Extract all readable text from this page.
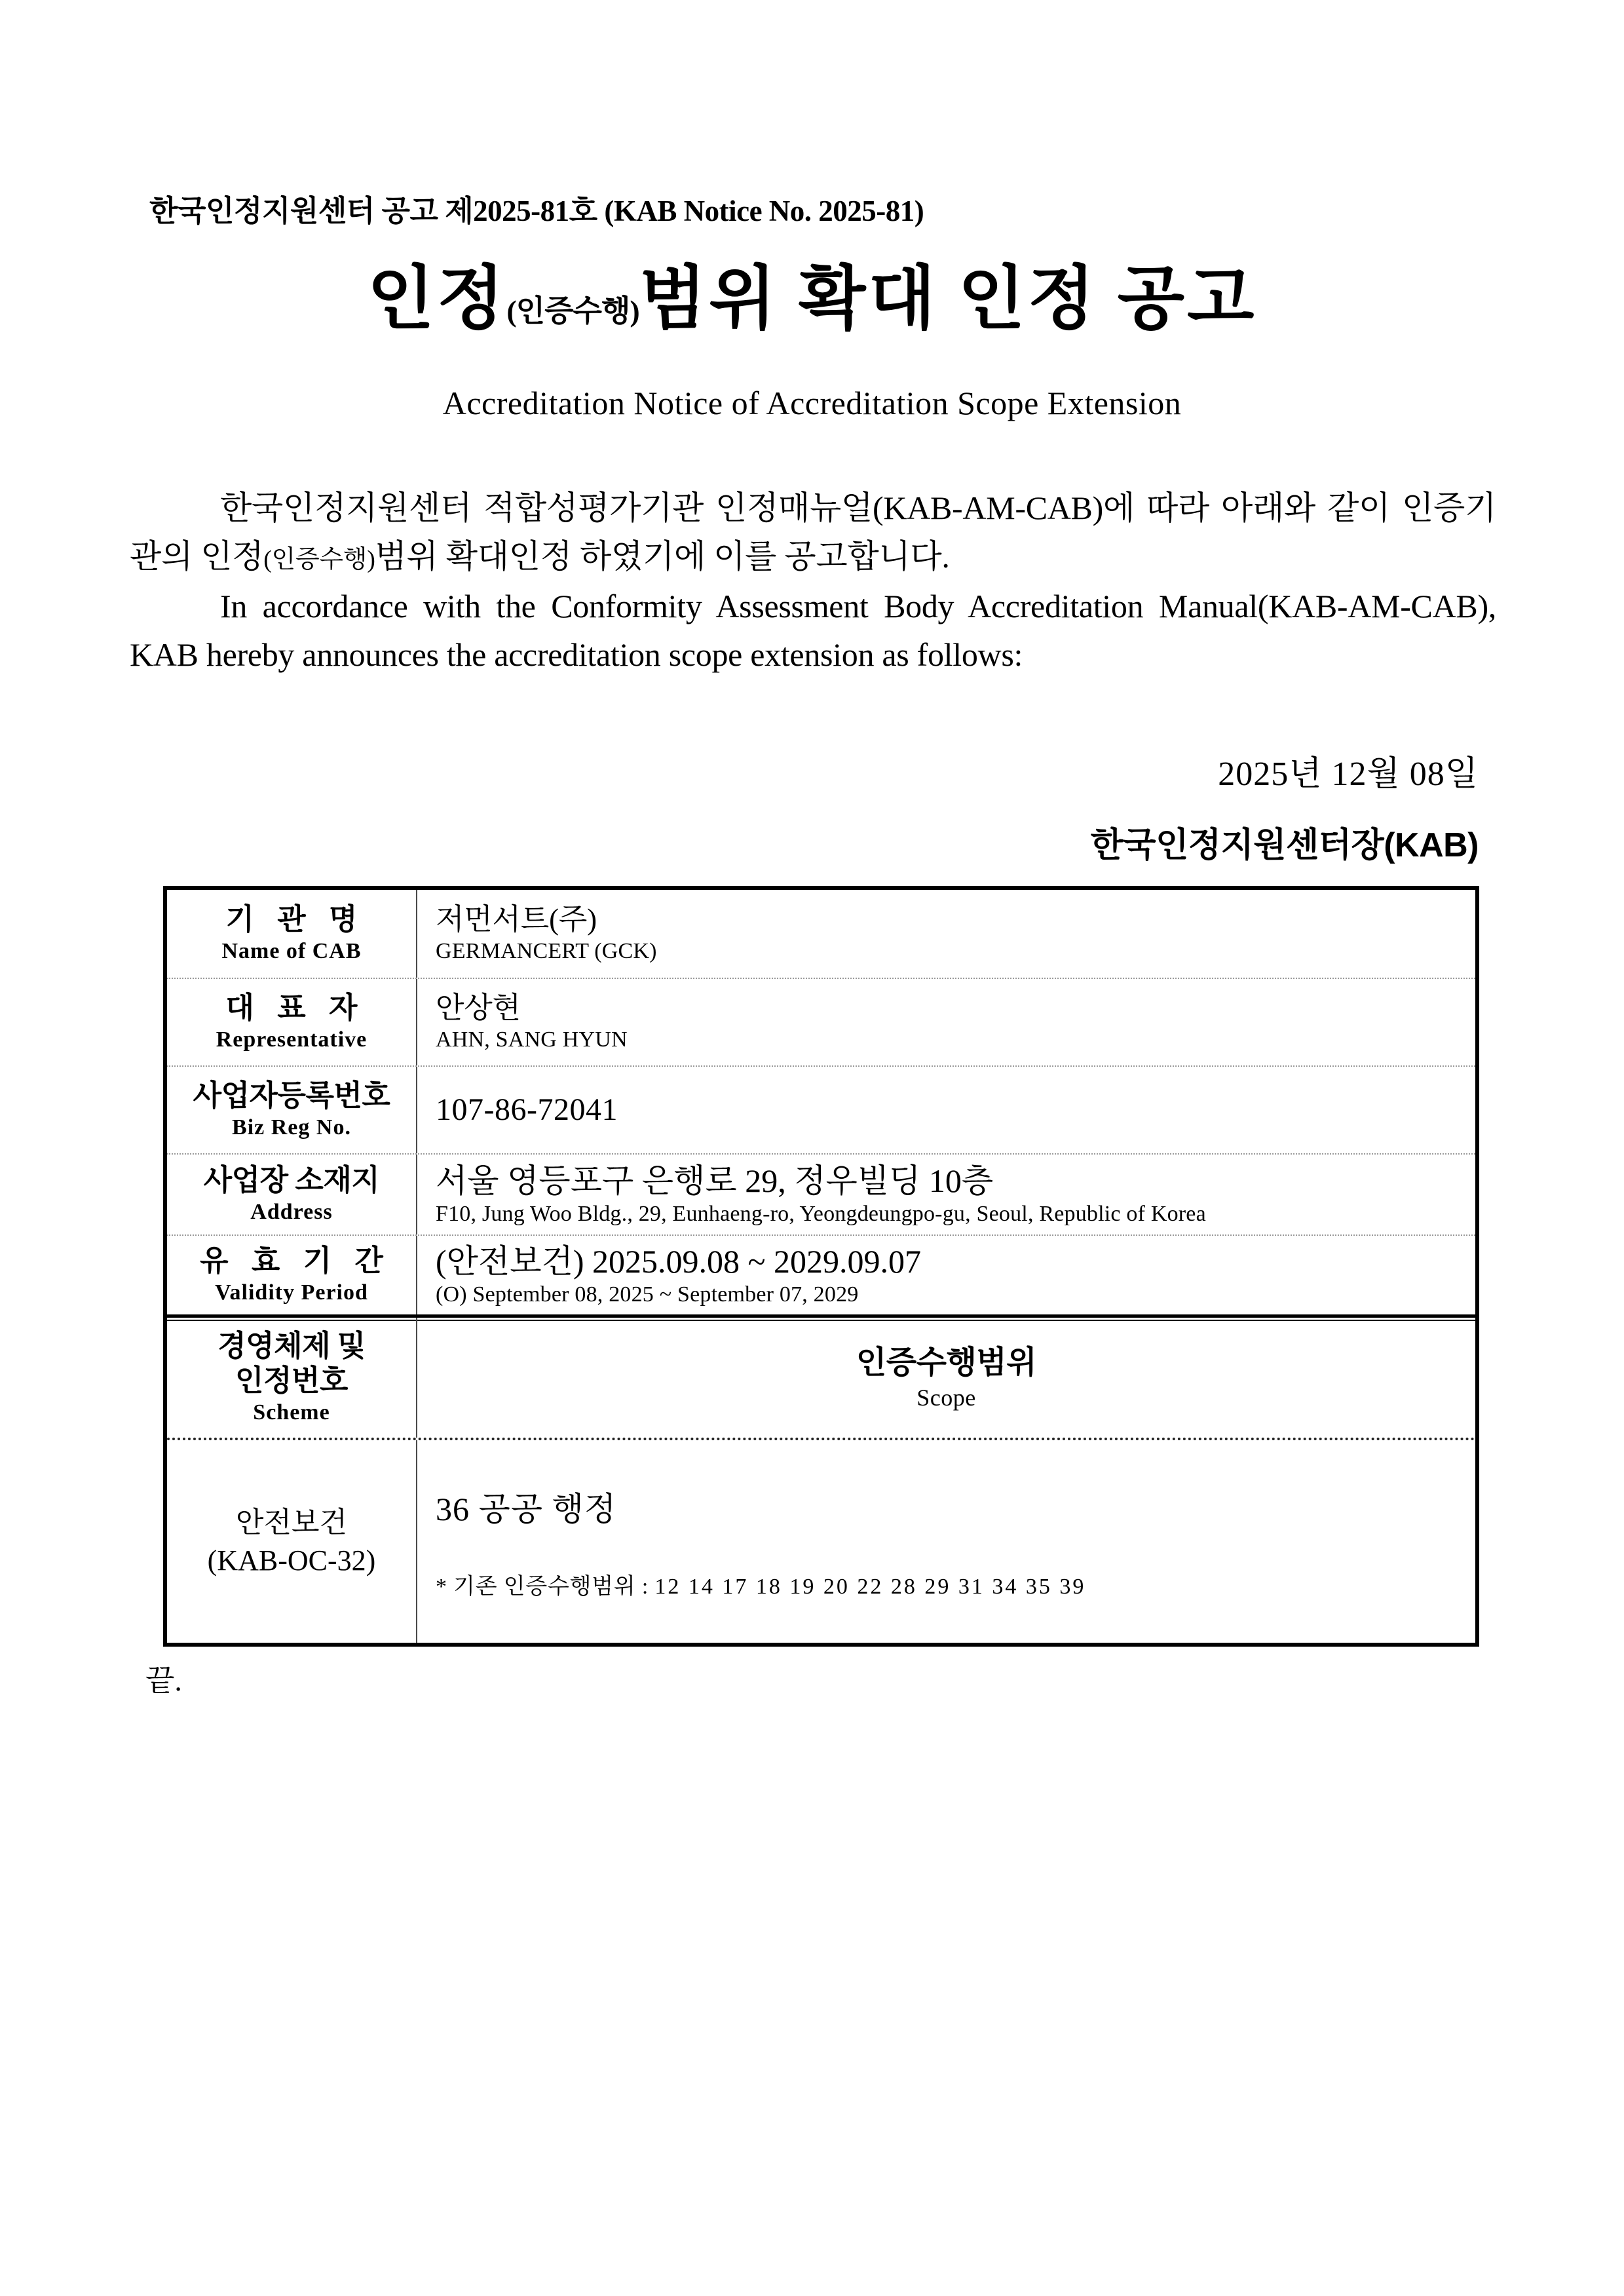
한국인정지원센터 공고 제2025-81호 (KAB Notice No. 2025-81)
인정(인증수행)범위 확대 인정 공고
Accreditation Notice of Accreditation Scope Extension
한국인정지원센터 적합성평가기관 인정매뉴얼(KAB-AM-CAB)에 따라 아래와 같이 인증기관의 인정(인증수행)범위 확대인정 하였기에 이를 공고합니다.
In accordance with the Conformity Assessment Body Accreditation Manual(KAB-AM-CAB), KAB hereby announces the accreditation scope extension as follows:
2025년 12월 08일
한국인정지원센터장(KAB)
기 관 명
Name of CAB
저먼서트(주)
GERMANCERT (GCK)
대 표 자
Representative
안상현
AHN, SANG HYUN
사업자등록번호
Biz Reg No.
107-86-72041
사업장 소재지
Address
서울 영등포구 은행로 29, 정우빌딩 10층
F10, Jung Woo Bldg., 29, Eunhaeng-ro, Yeongdeungpo-gu, Seoul, Republic of Korea
유 효 기 간
Validity Period
(안전보건) 2025.09.08 ~ 2029.09.07
(O) September 08, 2025 ~ September 07, 2029
경영체제 및
인정번호
Scheme
인증수행범위
Scope
안전보건
(KAB-OC-32)
36 공공 행정
* 기존 인증수행범위 : 12 14 17 18 19 20 22 28 29 31 34 35 39
끝.
